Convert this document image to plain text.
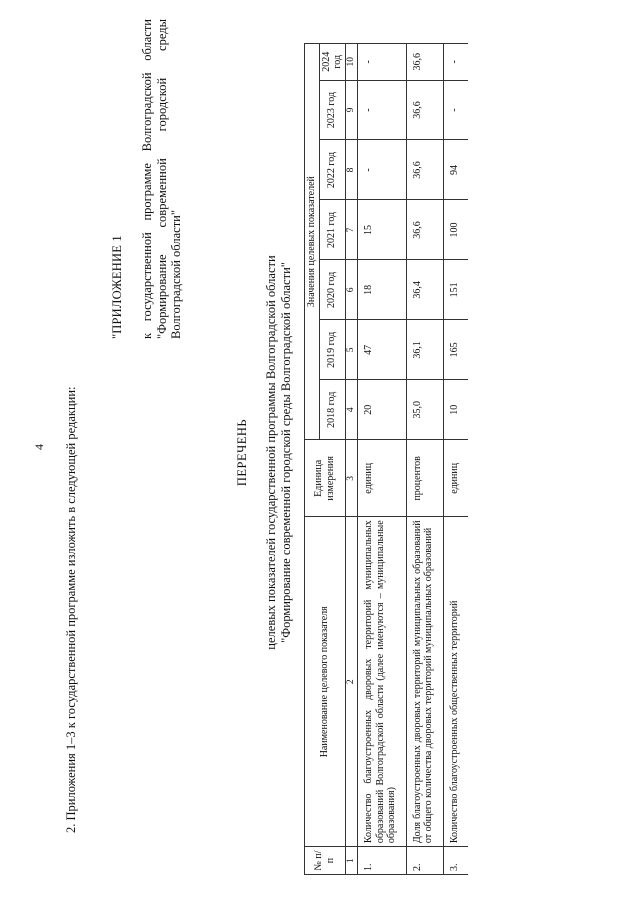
4 2. Приложения 1–3 к государственной программе изложить в следующей редакции:
"ПРИЛОЖЕНИЕ 1 к государственной программе Волгоградской области "Формирование современной городской среды Волгоградской области"
ПЕРЕЧЕНЬ целевых показателей государственной программы Волгоградской области "Формирование современной городской среды Волгоградской области"
№ п/п	Наименование целевого показателя	Единица измерения	Значения целевых показателей						
			2018 год	2019 год	2020 год	2021 год	2022 год	2023 год	2024 год
1	2	3	4	5	6	7	8	9	10
1.	Количество благоустроенных дворовых территорий муниципальных образований Волгоградской области (далее именуются – муниципальные образования)	единиц	20	47	18	15	-	-	-
2.	Доля благоустроенных дворовых территорий муниципальных образований от общего количества дворовых территорий муниципальных образований	процентов	35,0	36,1	36,4	36,6	36,6	36,6	36,6
3.	Количество благоустроенных общественных территорий	единиц	10	165	151	100	94	-	-
